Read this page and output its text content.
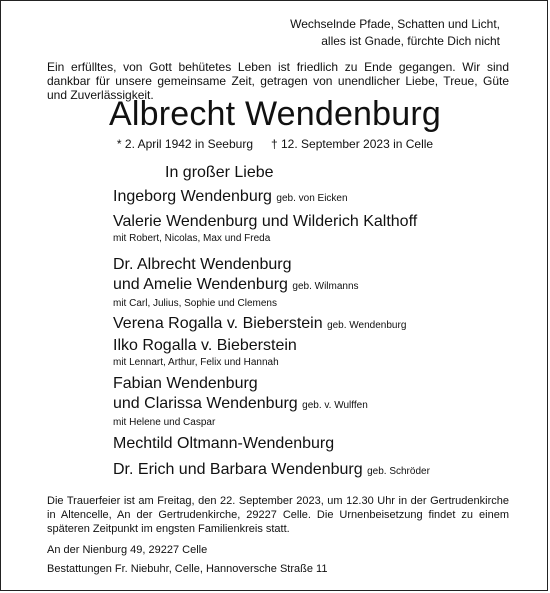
Wechselnde Pfade, Schatten und Licht,
alles ist Gnade, fürchte Dich nicht
Ein erfülltes, von Gott behütetes Leben ist friedlich zu Ende gegangen. Wir sind dankbar für unsere gemeinsame Zeit, getragen von unendlicher Liebe, Treue, Güte und Zuverlässigkeit.
Albrecht Wendenburg
* 2. April 1942 in Seeburg † 12. September 2023 in Celle
In großer Liebe
Ingeborg Wendenburg geb. von Eicken
Valerie Wendenburg und Wilderich Kalthoff
mit Robert, Nicolas, Max und Freda
Dr. Albrecht Wendenburg
und Amelie Wendenburg geb. Wilmanns
mit Carl, Julius, Sophie und Clemens
Verena Rogalla v. Bieberstein geb. Wendenburg
Ilko Rogalla v. Bieberstein
mit Lennart, Arthur, Felix und Hannah
Fabian Wendenburg
und Clarissa Wendenburg geb. v. Wulffen
mit Helene und Caspar
Mechtild Oltmann-Wendenburg
Dr. Erich und Barbara Wendenburg geb. Schröder
Die Trauerfeier ist am Freitag, den 22. September 2023, um 12.30 Uhr in der Gertrudenkirche in Altencelle, An der Gertrudenkirche, 29227 Celle. Die Urnenbeisetzung findet zu einem späteren Zeitpunkt im engsten Familienkreis statt.
An der Nienburg 49, 29227 Celle
Bestattungen Fr. Niebuhr, Celle, Hannoversche Straße 11
